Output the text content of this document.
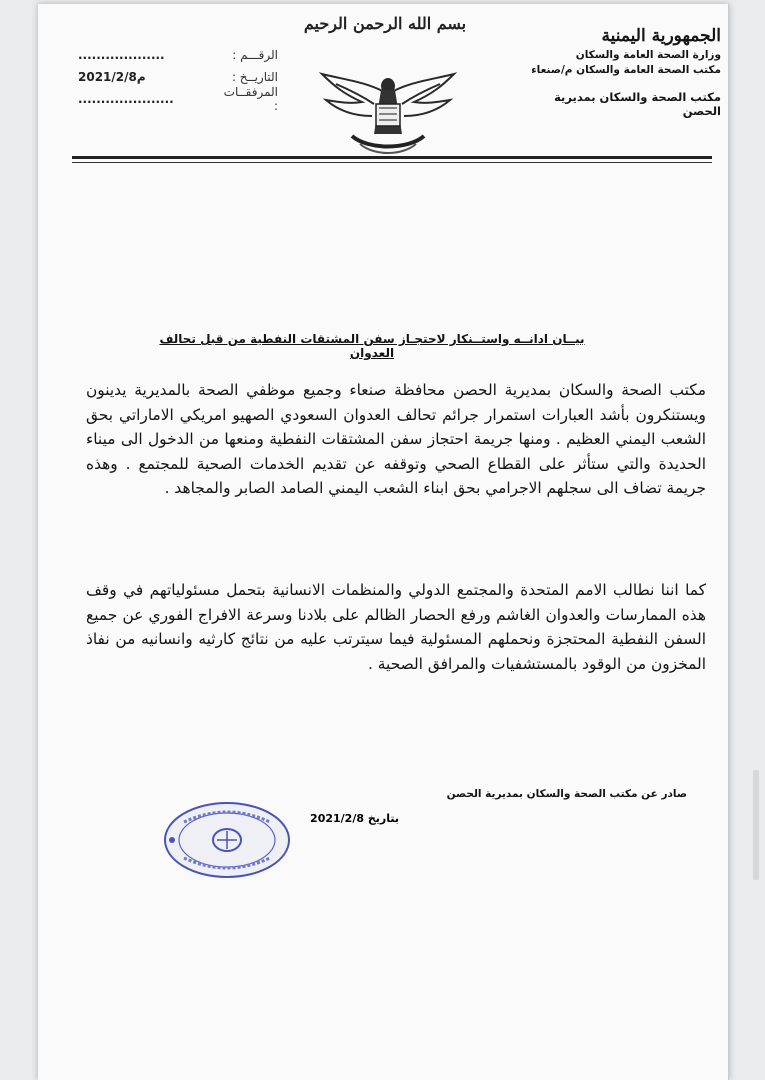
الجمهورية اليمنية
وزارة الصحة العامة والسكان
مكتب الصحة العامة والسكان م/صنعاء
مكتب الصحة والسكان بمديرية الحصن
بسم الله الرحمن الرحيم
الرقـــم :
...................
التاريــخ :
2021/2/8م
المرفقــات :
.....................
بيــان ادانــه واستــنكار لاحتجـاز سفن المشتقات النفطية من قبل تحالف العدوان
مكتب الصحة والسكان بمديرية الحصن محافظة صنعاء وجميع موظفي الصحة بالمديرية يدينون ويستنكرون بأشد العبارات استمرار جرائم تحالف العدوان السعودي الصهيو امريكي الاماراتي بحق الشعب اليمني العظيم . ومنها جريمة احتجاز سفن المشتقات النفطية ومنعها من الدخول الى ميناء الحديدة والتي ستأثر على القطاع الصحي وتوقفه عن تقديم الخدمات الصحية للمجتمع . وهذه جريمة تضاف الى سجلهم الاجرامي بحق ابناء الشعب اليمني الصامد الصابر والمجاهد .
كما اننا نطالب الامم المتحدة والمجتمع الدولي والمنظمات الانسانية بتحمل مسئولياتهم في وقف هذه الممارسات والعدوان الغاشم ورفع الحصار الظالم على بلادنا وسرعة الافراج الفوري عن جميع السفن النفطية المحتجزة ونحملهم المسئولية فيما سيترتب عليه من نتائج كارثيه وانسانيه من نفاذ المخزون من الوقود بالمستشفيات والمرافق الصحية .
صادر عن مكتب الصحة والسكان بمديرية الحصن
بتاريخ 2021/2/8
